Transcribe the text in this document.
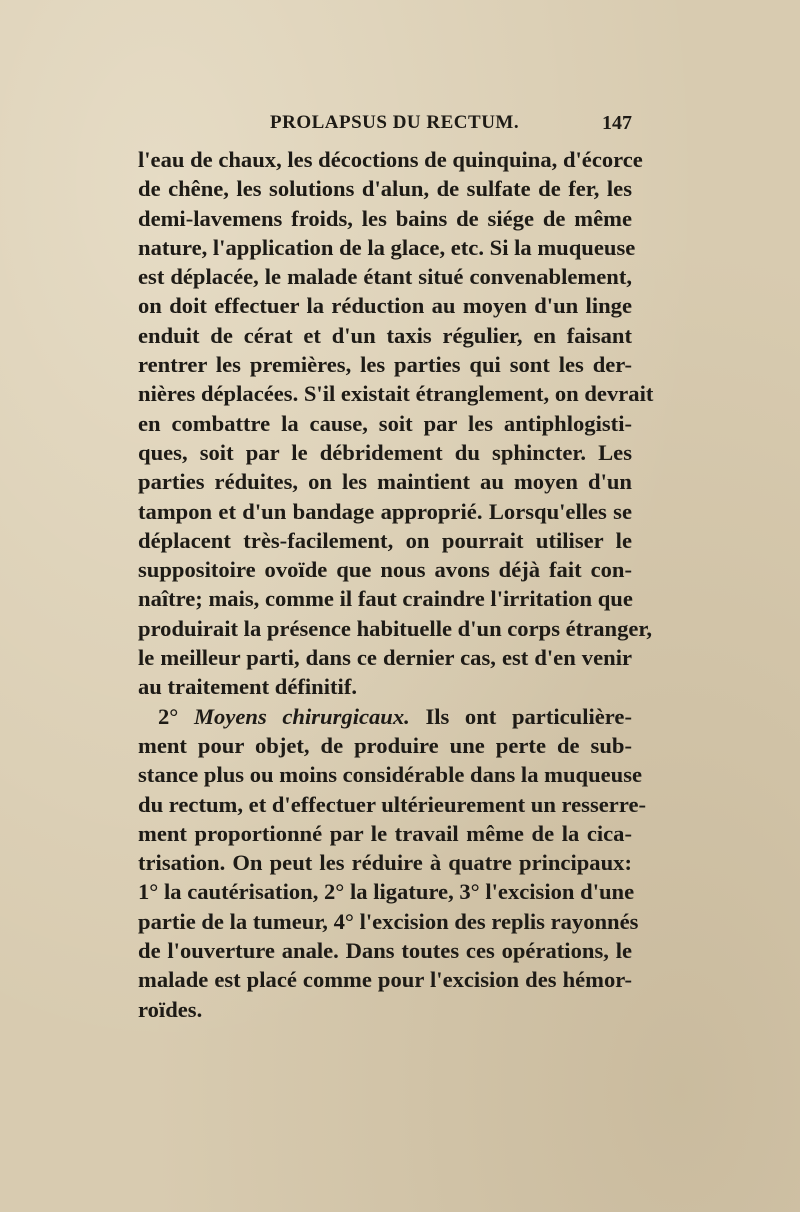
PROLAPSUS DU RECTUM.	147
l'eau de chaux, les décoctions de quinquina, d'écorce
de chêne, les solutions d'alun, de sulfate de fer, les
demi-lavemens froids, les bains de siége de même
nature, l'application de la glace, etc. Si la muqueuse
est déplacée, le malade étant situé convenablement,
on doit effectuer la réduction au moyen d'un linge
enduit de cérat et d'un taxis régulier, en faisant
rentrer les premières, les parties qui sont les der-
nières déplacées. S'il existait étranglement, on devrait
en combattre la cause, soit par les antiphlogisti-
ques, soit par le débridement du sphincter. Les
parties réduites, on les maintient au moyen d'un
tampon et d'un bandage approprié. Lorsqu'elles se
déplacent très-facilement, on pourrait utiliser le
suppositoire ovoïde que nous avons déjà fait con-
naître; mais, comme il faut craindre l'irritation que
produirait la présence habituelle d'un corps étranger,
le meilleur parti, dans ce dernier cas, est d'en venir
au traitement définitif.
2° Moyens chirurgicaux. Ils ont particulière-
ment pour objet, de produire une perte de sub-
stance plus ou moins considérable dans la muqueuse
du rectum, et d'effectuer ultérieurement un resserre-
ment proportionné par le travail même de la cica-
trisation. On peut les réduire à quatre principaux:
1° la cautérisation, 2° la ligature, 3° l'excision d'une
partie de la tumeur, 4° l'excision des replis rayonnés
de l'ouverture anale. Dans toutes ces opérations, le
malade est placé comme pour l'excision des hémor-
roïdes.
